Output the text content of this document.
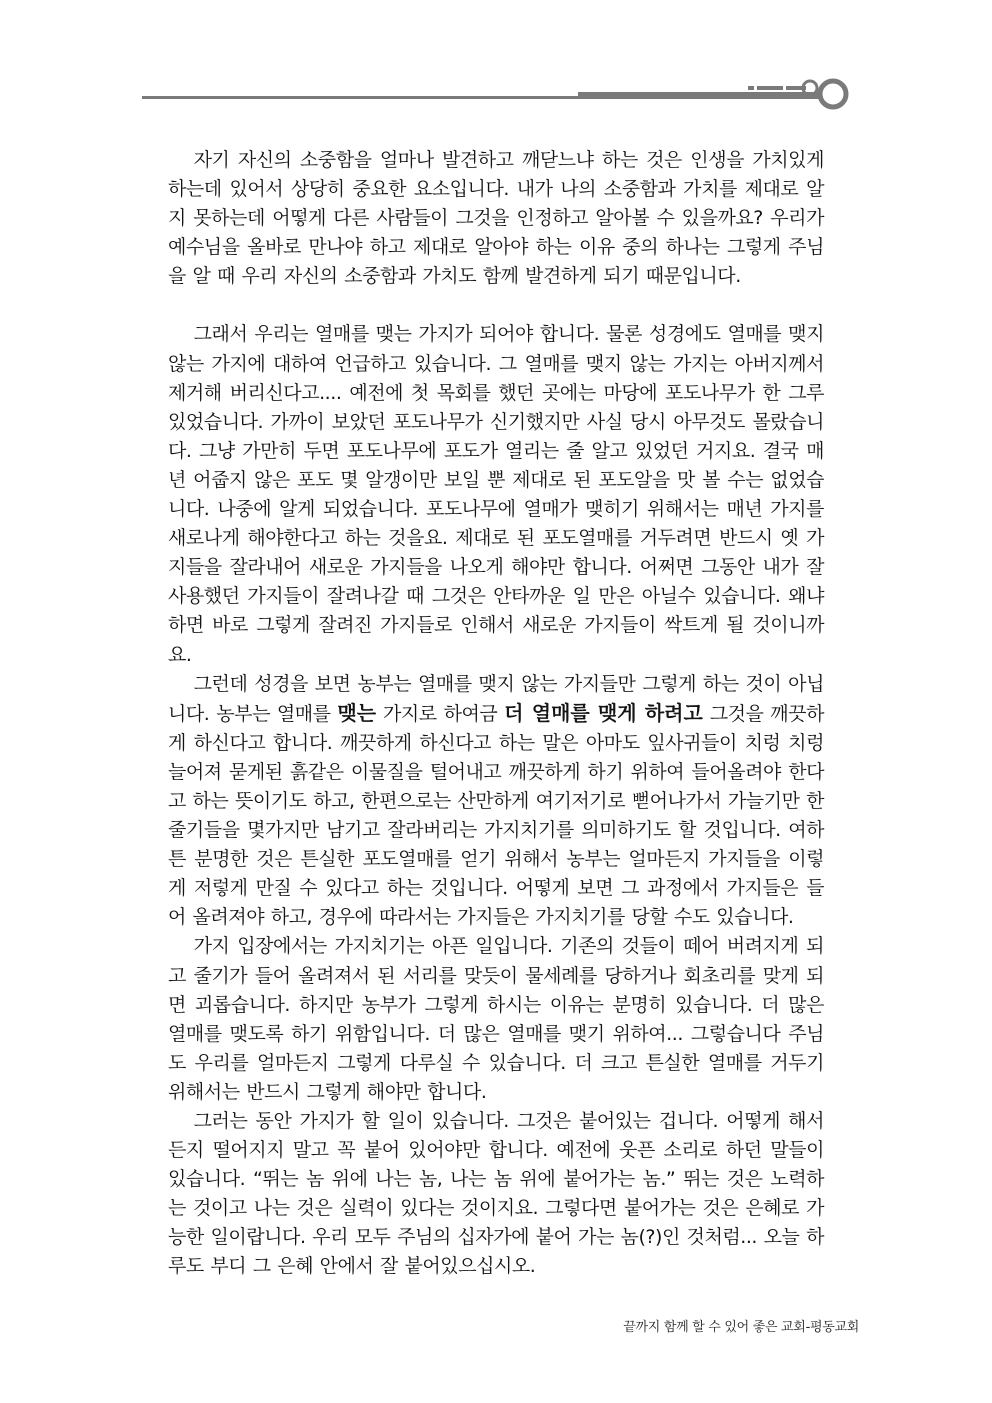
자기 자신의 소중함을 얼마나 발견하고 깨닫느냐 하는 것은 인생을 가치있게 하는데 있어서 상당히 중요한 요소입니다. 내가 나의 소중함과 가치를 제대로 알지 못하는데 어떻게 다른 사람들이 그것을 인정하고 알아볼 수 있을까요? 우리가 예수님을 올바로 만나야 하고 제대로 알아야 하는 이유 중의 하나는 그렇게 주님을 알 때 우리 자신의 소중함과 가치도 함께 발견하게 되기 때문입니다.

그래서 우리는 열매를 맺는 가지가 되어야 합니다. 물론 성경에도 열매를 맺지 않는 가지에 대하여 언급하고 있습니다. 그 열매를 맺지 않는 가지는 아버지께서 제거해 버리신다고.... 예전에 첫 목회를 했던 곳에는 마당에 포도나무가 한 그루 있었습니다. 가까이 보았던 포도나무가 신기했지만 사실 당시 아무것도 몰랐습니다. 그냥 가만히 두면 포도나무에 포도가 열리는 줄 알고 있었던 거지요. 결국 매년 어줍지 않은 포도 몇 알갱이만 보일 뿐 제대로 된 포도알을 맛 볼 수는 없었습니다. 나중에 알게 되었습니다. 포도나무에 열매가 맺히기 위해서는 매년 가지를 새로나게 해야한다고 하는 것을요. 제대로 된 포도열매를 거두려면 반드시 옛 가지들을 잘라내어 새로운 가지들을 나오게 해야만 합니다. 어쩌면 그동안 내가 잘 사용했던 가지들이 잘려나갈 때 그것은 안타까운 일 만은 아닐수 있습니다. 왜냐하면 바로 그렇게 잘려진 가지들로 인해서 새로운 가지들이 싹트게 될 것이니까요.

그런데 성경을 보면 농부는 열매를 맺지 않는 가지들만 그렇게 하는 것이 아닙니다. 농부는 열매를 맺는 가지로 하여금 더 열매를 맺게 하려고 그것을 깨끗하게 하신다고 합니다. 깨끗하게 하신다고 하는 말은 아마도 잎사귀들이 치렁 치렁늘어져 묻게된 흙같은 이물질을 털어내고 깨끗하게 하기 위하여 들어올려야 한다고 하는 뜻이기도 하고, 한편으로는 산만하게 여기저기로 뻗어나가서 가늘기만 한 줄기들을 몇가지만 남기고 잘라버리는 가지치기를 의미하기도 할 것입니다. 여하튼 분명한 것은 튼실한 포도열매를 얻기 위해서 농부는 얼마든지 가지들을 이렇게 저렇게 만질 수 있다고 하는 것입니다. 어떻게 보면 그 과정에서 가지들은 들어 올려져야 하고, 경우에 따라서는 가지들은 가지치기를 당할 수도 있습니다.

가지 입장에서는 가지치기는 아픈 일입니다. 기존의 것들이 떼어 버려지게 되고 줄기가 들어 올려져서 된 서리를 맞듯이 물세례를 당하거나 회초리를 맞게 되면 괴롭습니다. 하지만 농부가 그렇게 하시는 이유는 분명히 있습니다. 더 많은 열매를 맺도록 하기 위함입니다. 더 많은 열매를 맺기 위하여... 그렇습니다 주님도 우리를 얼마든지 그렇게 다루실 수 있습니다. 더 크고 튼실한 열매를 거두기 위해서는 반드시 그렇게 해야만 합니다.

그러는 동안 가지가 할 일이 있습니다. 그것은 붙어있는 겁니다. 어떻게 해서든지 떨어지지 말고 꼭 붙어 있어야만 합니다. 예전에 웃픈 소리로 하던 말들이 있습니다. “뛰는 놈 위에 나는 놈, 나는 놈 위에 붙어가는 놈.” 뛰는 것은 노력하는 것이고 나는 것은 실력이 있다는 것이지요. 그렇다면 붙어가는 것은 은혜로 가능한 일이랍니다. 우리 모두 주님의 십자가에 붙어 가는 놈(?)인 것처럼... 오늘 하루도 부디 그 은혜 안에서 잘 붙어있으십시오.

끝까지 함께 할 수 있어 좋은 교회-평동교회
